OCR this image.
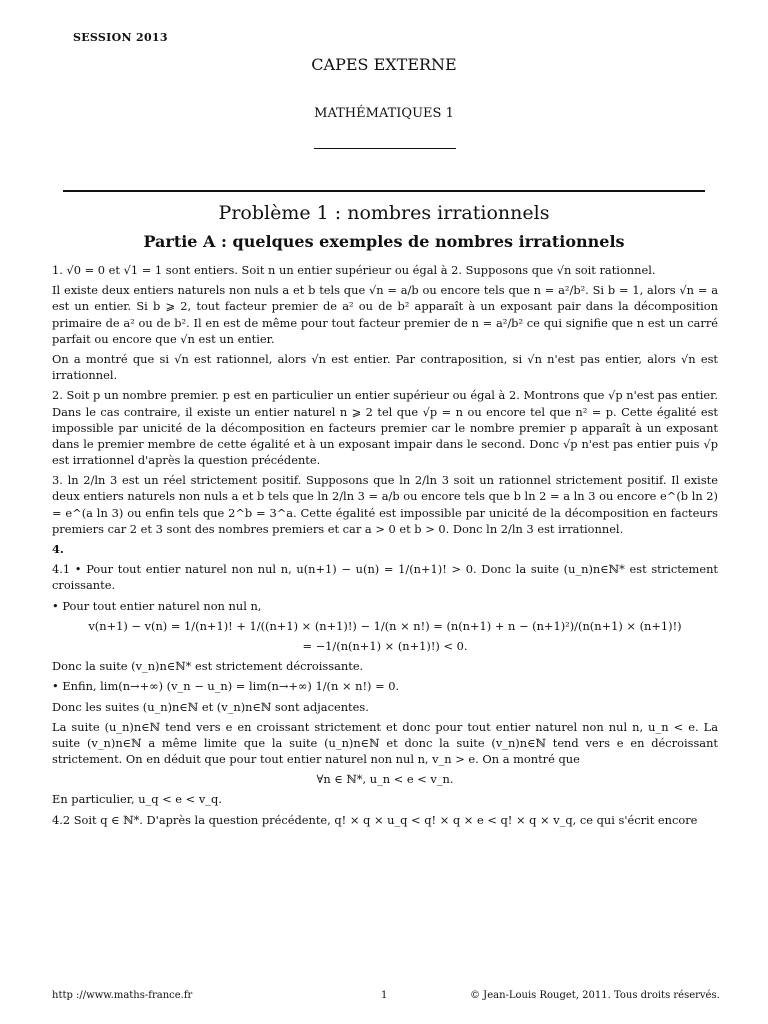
SESSION 2013
CAPES EXTERNE
MATHÉMATIQUES 1
Problème 1 : nombres irrationnels
Partie A : quelques exemples de nombres irrationnels

1. √0 = 0 et √1 = 1 sont entiers. Soit n un entier supérieur ou égal à 2. Supposons que √n soit rationnel.

Il existe deux entiers naturels non nuls a et b tels que √n = a/b ou encore tels que n = a²/b². Si b = 1, alors √n = a est un entier. Si b ⩾ 2, tout facteur premier de a² ou de b² apparaît à un exposant pair dans la décomposition primaire de a² ou de b². Il en est de même pour tout facteur premier de n = a²/b² ce qui signifie que n est un carré parfait ou encore que √n est un entier.

On a montré que si √n est rationnel, alors √n est entier. Par contraposition, si √n n'est pas entier, alors √n est irrationnel.

2. Soit p un nombre premier. p est en particulier un entier supérieur ou égal à 2. Montrons que √p n'est pas entier. Dans le cas contraire, il existe un entier naturel n ⩾ 2 tel que √p = n ou encore tel que n² = p. Cette égalité est impossible par unicité de la décomposition en facteurs premier car le nombre premier p apparaît à un exposant dans le premier membre de cette égalité et à un exposant impair dans le second. Donc √p n'est pas entier puis √p est irrationnel d'après la question précédente.

3. ln 2/ln 3 est un réel strictement positif. Supposons que ln 2/ln 3 soit un rationnel strictement positif. Il existe deux entiers naturels non nuls a et b tels que ln 2/ln 3 = a/b ou encore tels que b ln 2 = a ln 3 ou encore e^(b ln 2) = e^(a ln 3) ou enfin tels que 2^b = 3^a. Cette égalité est impossible par unicité de la décomposition en facteurs premiers car 2 et 3 sont des nombres premiers et car a > 0 et b > 0. Donc ln 2/ln 3 est irrationnel.

4.

4.1 • Pour tout entier naturel non nul n, u(n+1) − u(n) = 1/(n+1)! > 0. Donc la suite (u_n)n∈ℕ* est strictement croissante.

• Pour tout entier naturel non nul n,

v(n+1) − v(n) = 1/(n+1)! + 1/((n+1) × (n+1)!) − 1/(n × n!) = (n(n+1) + n − (n+1)²)/(n(n+1) × (n+1)!)

= −1/(n(n+1) × (n+1)!) < 0.

Donc la suite (v_n)n∈ℕ* est strictement décroissante.

• Enfin, lim(n→+∞) (v_n − u_n) = lim(n→+∞) 1/(n × n!) = 0.

Donc les suites (u_n)n∈ℕ et (v_n)n∈ℕ sont adjacentes.

La suite (u_n)n∈ℕ tend vers e en croissant strictement et donc pour tout entier naturel non nul n, u_n < e. La suite (v_n)n∈ℕ a même limite que la suite (u_n)n∈ℕ et donc la suite (v_n)n∈ℕ tend vers e en décroissant strictement. On en déduit que pour tout entier naturel non nul n, v_n > e. On a montré que

∀n ∈ ℕ*, u_n < e < v_n.

En particulier, u_q < e < v_q.

4.2 Soit q ∈ ℕ*. D'après la question précédente, q! × q × u_q < q! × q × e < q! × q × v_q, ce qui s'écrit encore

http ://www.maths-france.fr	1	© Jean-Louis Rouget, 2011. Tous droits réservés.
